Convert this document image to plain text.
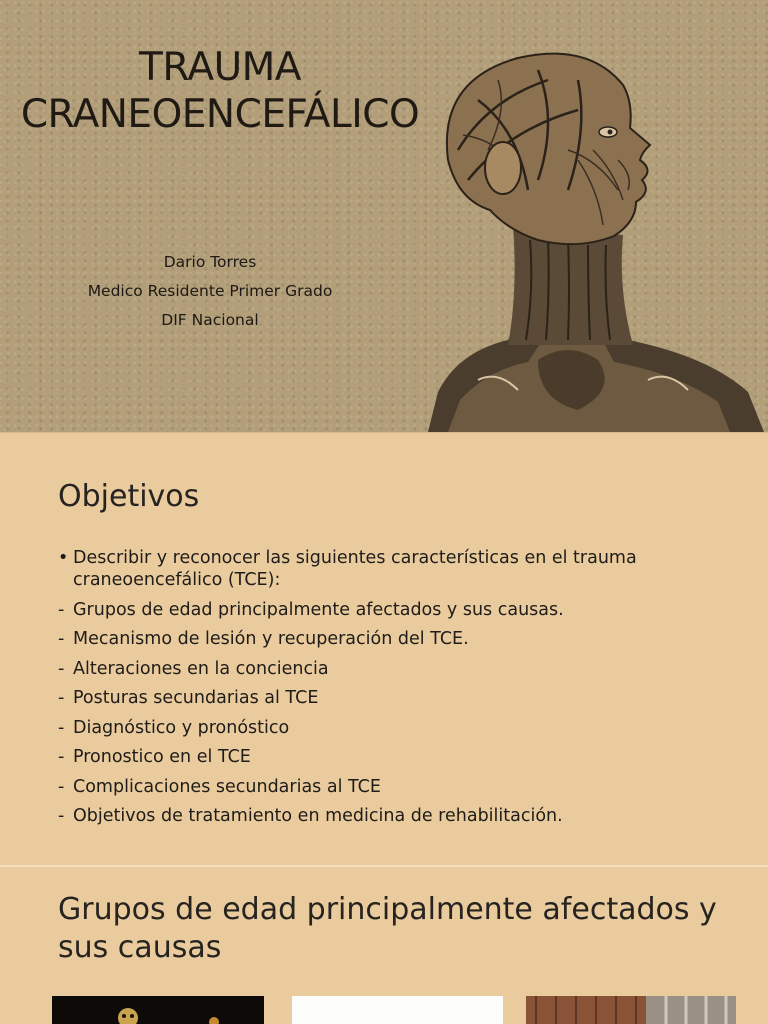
TRAUMA
CRANEOENCEFÁLICO
Dario Torres
Medico Residente Primer Grado
DIF Nacional
Objetivos
• Describir y reconocer las siguientes características en el trauma craneoencefálico (TCE):
- Grupos de edad principalmente afectados y sus causas.
- Mecanismo de lesión y recuperación del TCE.
- Alteraciones en la conciencia
- Posturas secundarias al TCE
- Diagnóstico y pronóstico
- Pronostico en el TCE
- Complicaciones secundarias al TCE
- Objetivos de tratamiento en medicina de rehabilitación.
Grupos de edad principalmente afectados y sus causas
